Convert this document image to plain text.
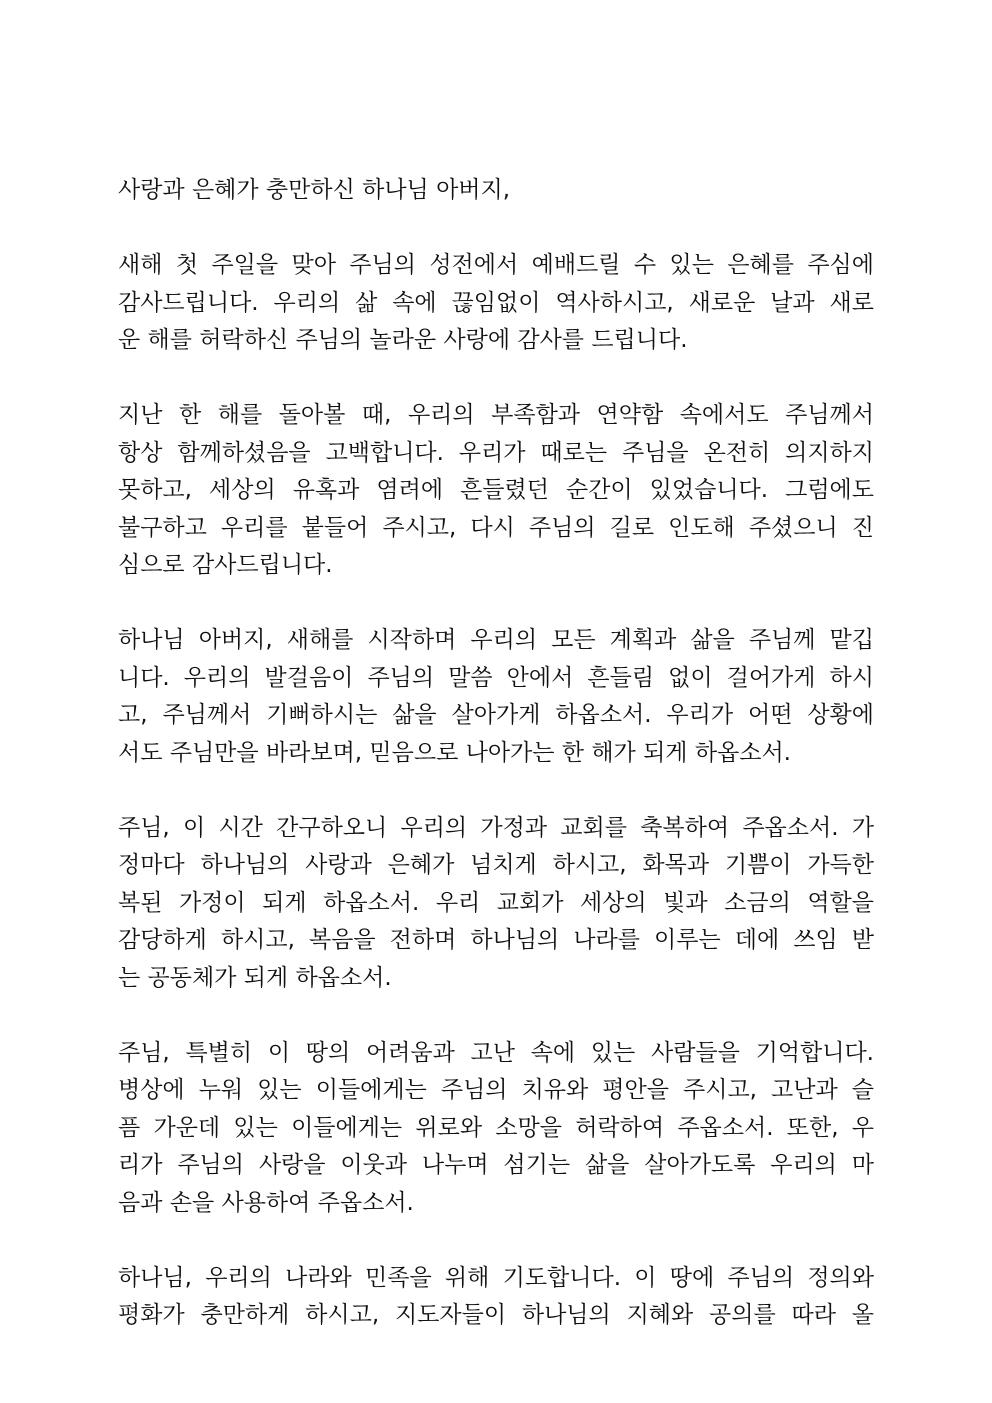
사랑과 은혜가 충만하신 하나님 아버지,
새해 첫 주일을 맞아 주님의 성전에서 예배드릴 수 있는 은혜를 주심에
감사드립니다. 우리의 삶 속에 끊임없이 역사하시고, 새로운 날과 새로
운 해를 허락하신 주님의 놀라운 사랑에 감사를 드립니다.
지난 한 해를 돌아볼 때, 우리의 부족함과 연약함 속에서도 주님께서
항상 함께하셨음을 고백합니다. 우리가 때로는 주님을 온전히 의지하지
못하고, 세상의 유혹과 염려에 흔들렸던 순간이 있었습니다. 그럼에도
불구하고 우리를 붙들어 주시고, 다시 주님의 길로 인도해 주셨으니 진
심으로 감사드립니다.
하나님 아버지, 새해를 시작하며 우리의 모든 계획과 삶을 주님께 맡깁
니다. 우리의 발걸음이 주님의 말씀 안에서 흔들림 없이 걸어가게 하시
고, 주님께서 기뻐하시는 삶을 살아가게 하옵소서. 우리가 어떤 상황에
서도 주님만을 바라보며, 믿음으로 나아가는 한 해가 되게 하옵소서.
주님, 이 시간 간구하오니 우리의 가정과 교회를 축복하여 주옵소서. 가
정마다 하나님의 사랑과 은혜가 넘치게 하시고, 화목과 기쁨이 가득한
복된 가정이 되게 하옵소서. 우리 교회가 세상의 빛과 소금의 역할을
감당하게 하시고, 복음을 전하며 하나님의 나라를 이루는 데에 쓰임 받
는 공동체가 되게 하옵소서.
주님, 특별히 이 땅의 어려움과 고난 속에 있는 사람들을 기억합니다.
병상에 누워 있는 이들에게는 주님의 치유와 평안을 주시고, 고난과 슬
픔 가운데 있는 이들에게는 위로와 소망을 허락하여 주옵소서. 또한, 우
리가 주님의 사랑을 이웃과 나누며 섬기는 삶을 살아가도록 우리의 마
음과 손을 사용하여 주옵소서.
하나님, 우리의 나라와 민족을 위해 기도합니다. 이 땅에 주님의 정의와
평화가 충만하게 하시고, 지도자들이 하나님의 지혜와 공의를 따라 올
